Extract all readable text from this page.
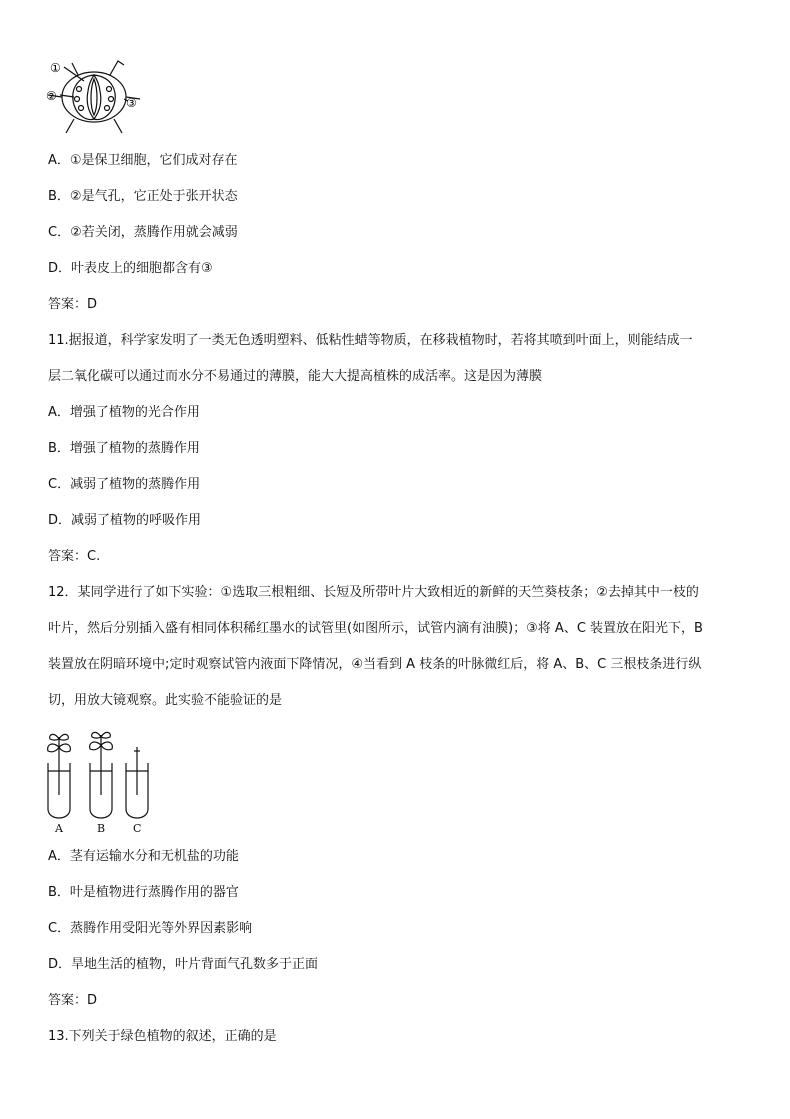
①
②	③
A．①是保卫细胞，它们成对存在
B．②是气孔，它正处于张开状态
C．②若关闭，蒸腾作用就会减弱
D．叶表皮上的细胞都含有③
答案：D
11.据报道，科学家发明了一类无色透明塑料、低粘性蜡等物质，在移栽植物时，若将其喷到叶面上，则能结成一
层二氧化碳可以通过而水分不易通过的薄膜，能大大提高植株的成活率。这是因为薄膜
A．增强了植物的光合作用
B．增强了植物的蒸腾作用
C．减弱了植物的蒸腾作用
D．减弱了植物的呼吸作用
答案：C.
12．某同学进行了如下实验：①选取三根粗细、长短及所带叶片大致相近的新鲜的天竺葵枝条；②去掉其中一枝的
叶片，然后分别插入盛有相同体积稀红墨水的试管里(如图所示，试管内滴有油膜)；③将 A、C 装置放在阳光下，B
装置放在阴暗环境中;定时观察试管内液面下降情况，④当看到 A 枝条的叶脉微红后，将 A、B、C 三根枝条进行纵
切，用放大镜观察。此实验不能验证的是
A	B	C
A．茎有运输水分和无机盐的功能
B．叶是植物进行蒸腾作用的器官
C．蒸腾作用受阳光等外界因素影响
D．旱地生活的植物，叶片背面气孔数多于正面
答案：D
13.下列关于绿色植物的叙述，正确的是
